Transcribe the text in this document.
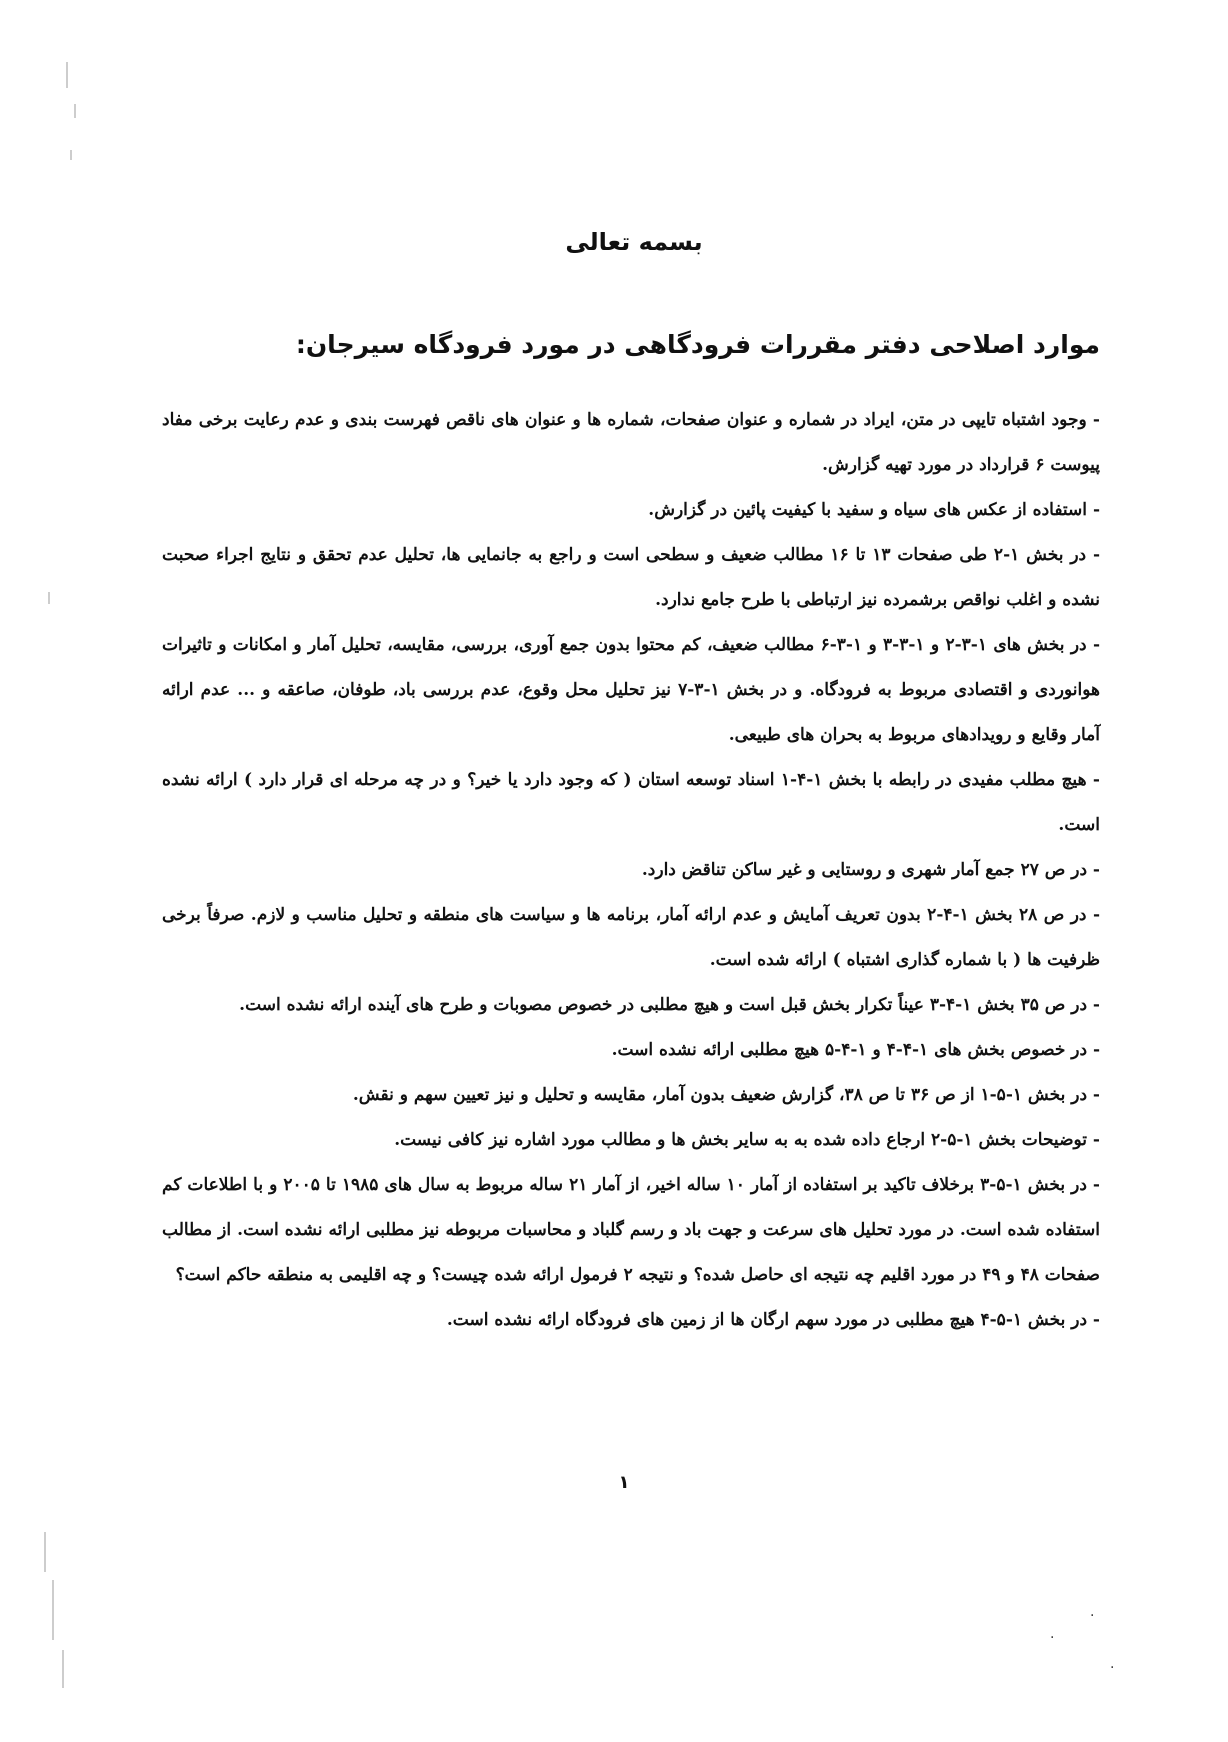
بسمه تعالی
موارد اصلاحی دفتر مقررات فرودگاهی در مورد فرودگاه سیرجان:

- وجود اشتباه تایپی در متن، ایراد در شماره و عنوان صفحات، شماره ها و عنوان های ناقص فهرست بندی و عدم رعایت برخی مفاد پیوست ۶ قرارداد در مورد تهیه گزارش.

- استفاده از عکس های سیاه و سفید با کیفیت پائین در گزارش.

- در بخش ۱-۲ طی صفحات ۱۳ تا ۱۶ مطالب ضعیف و سطحی است و راجع به جانمایی ها، تحلیل عدم تحقق و نتایج اجراء صحبت نشده و اغلب نواقص برشمرده نیز ارتباطی با طرح جامع ندارد.

- در بخش های ۱-۳-۲ و ۱-۳-۳ و ۱-۳-۶ مطالب ضعیف، کم محتوا بدون جمع آوری، بررسی، مقایسه، تحلیل آمار و امکانات و تاثیرات هوانوردی و اقتصادی مربوط به فرودگاه. و در بخش ۱-۳-۷ نیز تحلیل محل وقوع، عدم بررسی باد، طوفان، صاعقه و ... عدم ارائه آمار وقایع و رویدادهای مربوط به بحران های طبیعی.

- هیچ مطلب مفیدی در رابطه با بخش ۱-۴-۱ اسناد توسعه استان ( که وجود دارد یا خیر؟ و در چه مرحله ای قرار دارد ) ارائه نشده است.

- در ص ۲۷ جمع آمار شهری و روستایی و غیر ساکن تناقض دارد.

- در ص ۲۸ بخش ۱-۴-۲ بدون تعریف آمایش و عدم ارائه آمار، برنامه ها و سیاست های منطقه و تحلیل مناسب و لازم. صرفاً برخی ظرفیت ها ( با شماره گذاری اشتباه ) ارائه شده است.

- در ص ۳۵ بخش ۱-۴-۳ عیناً تکرار بخش قبل است و هیچ مطلبی در خصوص مصوبات و طرح های آینده ارائه نشده است.

- در خصوص بخش های ۱-۴-۴ و ۱-۴-۵ هیچ مطلبی ارائه نشده است.

- در بخش ۱-۵-۱ از ص ۳۶ تا ص ۳۸، گزارش ضعیف بدون آمار، مقایسه و تحلیل و نیز تعیین سهم و نقش.

- توضیحات بخش ۱-۵-۲ ارجاع داده شده به به سایر بخش ها و مطالب مورد اشاره نیز کافی نیست.

- در بخش ۱-۵-۳ برخلاف تاکید بر استفاده از آمار ۱۰ ساله اخیر، از آمار ۲۱ ساله مربوط به سال های ۱۹۸۵ تا ۲۰۰۵ و با اطلاعات کم استفاده شده است. در مورد تحلیل های سرعت و جهت باد و رسم گلباد و محاسبات مربوطه نیز مطلبی ارائه نشده است. از مطالب صفحات ۴۸ و ۴۹ در مورد اقلیم چه نتیجه ای حاصل شده؟ و نتیجه ۲ فرمول ارائه شده چیست؟ و چه اقلیمی به منطقه حاکم است؟

- در بخش ۱-۵-۴ هیچ مطلبی در مورد سهم ارگان ها از زمین های فرودگاه ارائه نشده است.

۱
·
·
·
